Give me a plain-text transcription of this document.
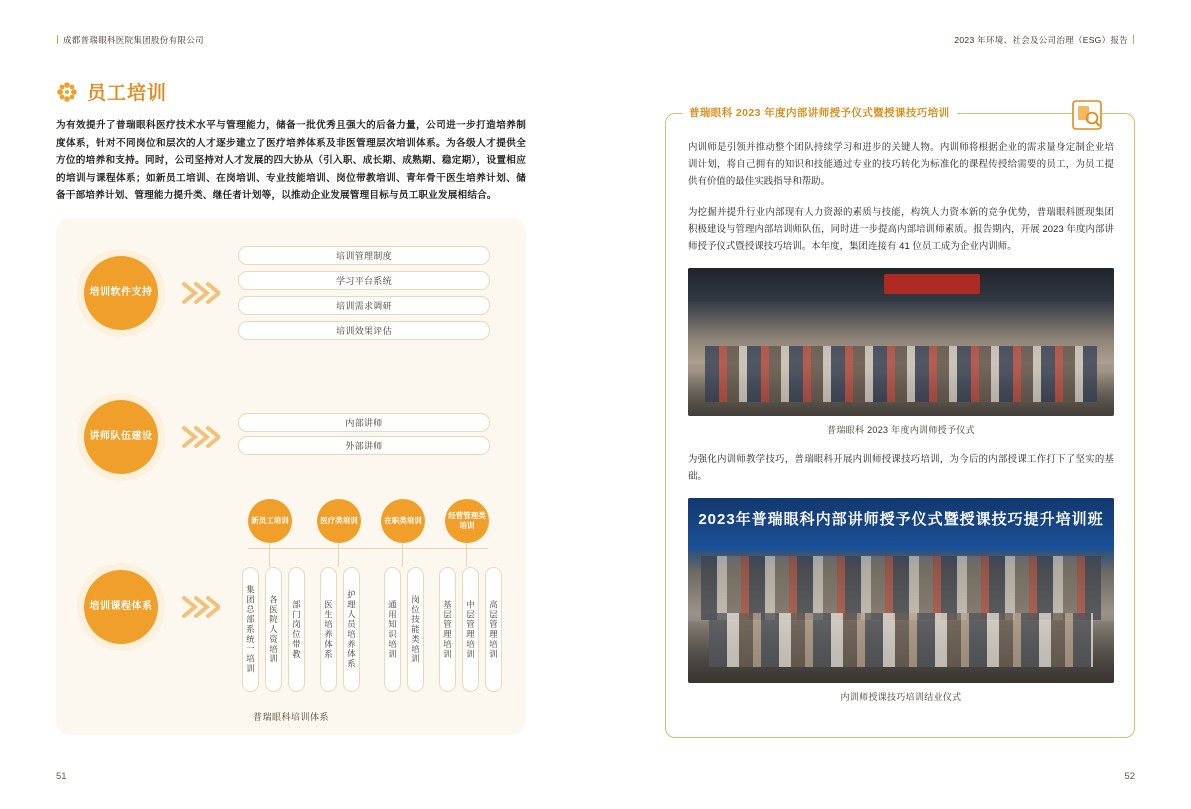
成都普瑞眼科医院集团股份有限公司	2023 年环境、社会及公司治理（ESG）报告
员工培训
为有效提升了普瑞眼科医疗技术水平与管理能力，储备一批优秀且强大的后备力量，公司进一步打造培养制度体系，针对不同岗位和层次的人才逐步建立了医疗培养体系及非医管理层次培训体系。为各级人才提供全方位的培养和支持。同时，公司坚持对人才发展的四大协从（引入职、成长期、成熟期、稳定期），设置相应的培训与课程体系；如新员工培训、在岗培训、专业技能培训、岗位带教培训、青年骨干医生培养计划、储备干部培养计划、管理能力提升类、继任者计划等，以推动企业发展管理目标与员工职业发展相结合。
培训软件支持
培训管理制度
学习平台系统
培训需求调研
培训效果评估
讲师队伍建设
内部讲师
外部讲师
培训课程体系
新员工培训
集团总部系统一培训	各医院人资培训	部门岗位带教
医疗类培训
医生培养体系	护理人员培养体系
在职类培训
通用知识培训	岗位技能类培训
经营管理类培训
基层管理培训	中层管理培训	高层管理培训
普瑞眼科培训体系
普瑞眼科 2023 年度内部讲师授予仪式暨授课技巧培训
内训师是引领并推动整个团队持续学习和进步的关键人物。内训师将根据企业的需求量身定制企业培训计划，将自己拥有的知识和技能通过专业的技巧转化为标准化的课程传授给需要的员工，为员工提供有价值的最佳实践指导和帮助。
为挖掘并提升行业内部现有人力资源的素质与技能，构筑人力资本新的竞争优势，普瑞眼科匮现集团积极建设与管理内部培训师队伍，同时进一步提高内部培训师素质。报告期内，开展 2023 年度内部讲师授予仪式暨授课技巧培训。本年度，集团连接有 41 位员工成为企业内训师。
普瑞眼科 2023 年度内训师授予仪式
为强化内训师教学技巧，普瑞眼科开展内训师授课技巧培训，为今后的内部授课工作打下了坚实的基础。
2023年普瑞眼科内部讲师授予仪式暨授课技巧提升培训班
内训师授课技巧培训结业仪式
51	52
